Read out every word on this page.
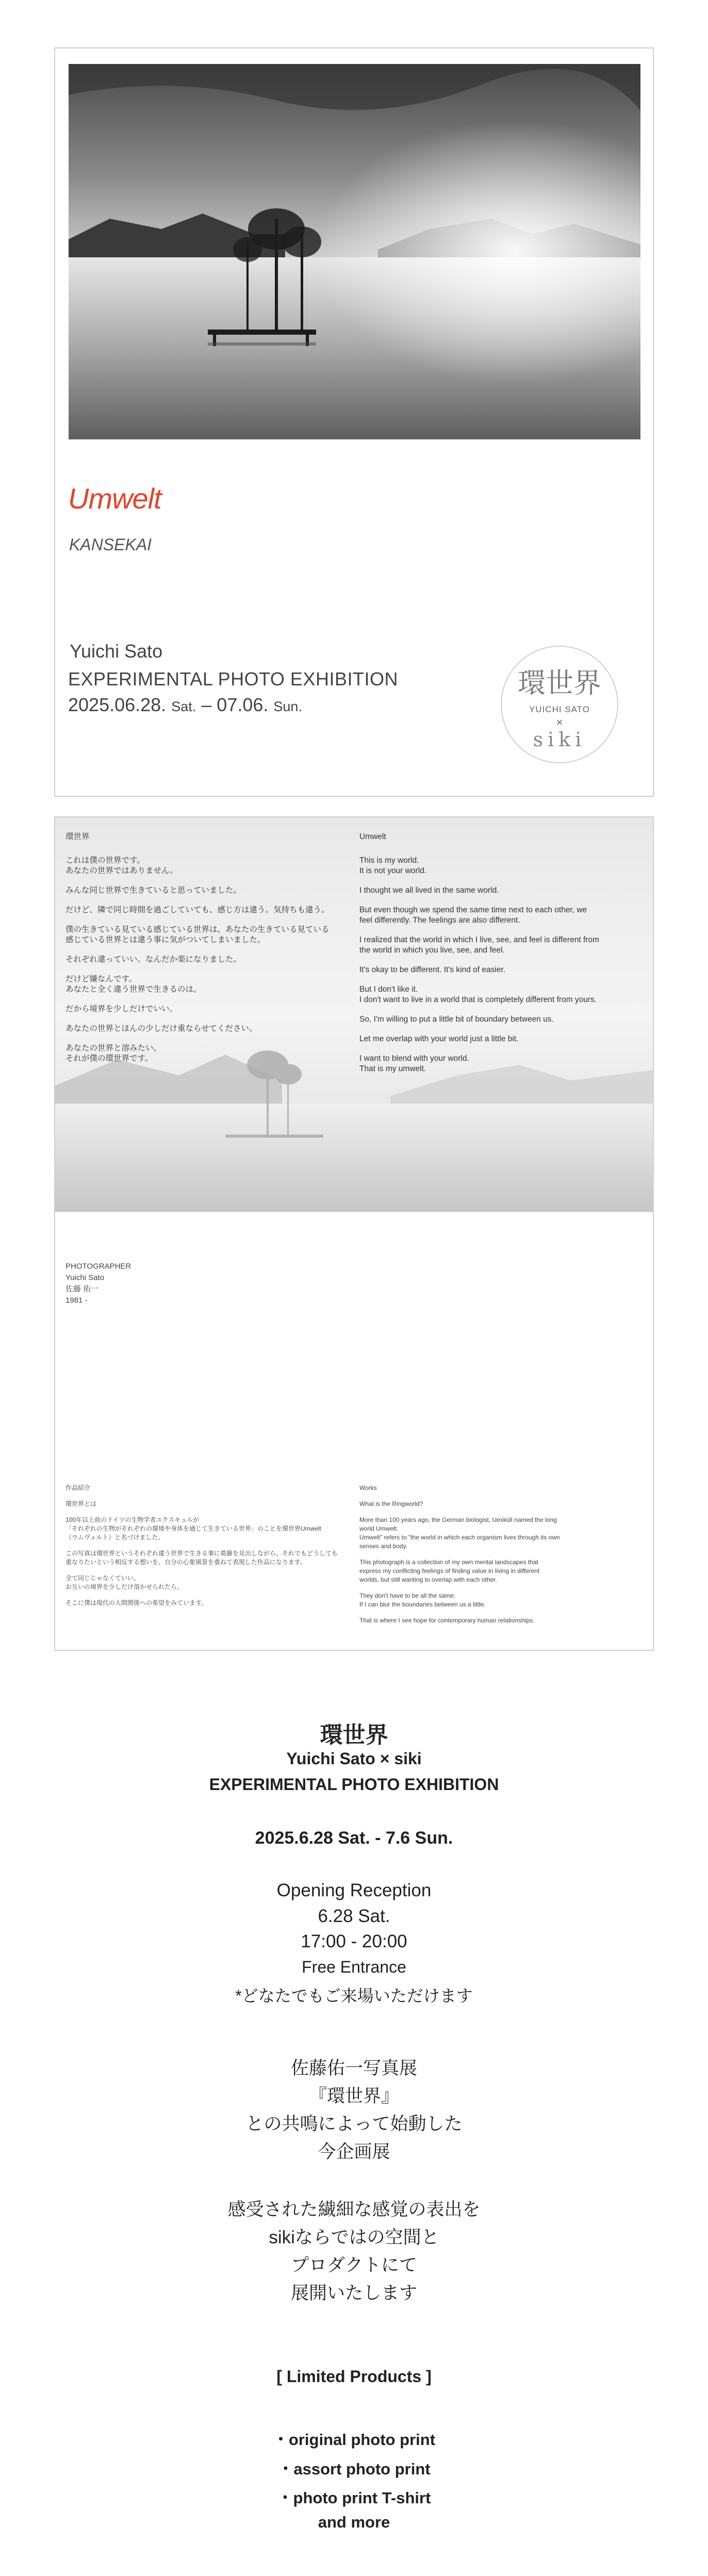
Umwelt
KANSEKAI
Yuichi Sato
EXPERIMENTAL PHOTO EXHIBITION
2025.06.28. Sat. – 07.06. Sun.
環世界
YUICHI SATO
×
siki

環世界

これは僕の世界です。
あなたの世界ではありません。

みんな同じ世界で生きていると思っていました。

だけど、隣で同じ時間を過ごしていても、感じ方は違う。気持ちも違う。

僕の生きている見ている感じている世界は、あなたの生きている見ている
感じている世界とは違う事に気がついてしまいました。

それぞれ違っていい。なんだか楽になりました。

だけど嫌なんです。
あなたと全く違う世界で生きるのは。

だから境界を少しだけでいい。

あなたの世界とほんの少しだけ重ならせてください。

あなたの世界と溶みたい。
それが僕の環世界です。

Umwelt

This is my world.
It is not your world.

I thought we all lived in the same world.

But even though we spend the same time next to each other, we
feel differently. The feelings are also different.

I realized that the world in which I live, see, and feel is different from
the world in which you live, see, and feel.

It's okay to be different. It's kind of easier.

But I don't like it.
I don't want to live in a world that is completely different from yours.

So, I'm willing to put a little bit of boundary between us.

Let me overlap with your world just a little bit.

I want to blend with your world.
That is my umwelt.

PHOTOGRAPHER
Yuichi Sato
佐藤 佑一
1981 -

作品紹介

環世界とは

100年以上前のドイツの生物学者ユクスキュルが
「それぞれの生物がそれぞれの環境や身体を通じて生きている世界」のことを環世界Umwelt
（ウムヴェルト）と名づけました。

この写真は環世界というそれぞれ違う世界で生きる事に葛藤を見出しながら、それでもどうしても
重なりたいという相反する想いを、自分の心象風景を重ねて表現した作品になります。

全て同じじゃなくていい。
お互いの境界を少しだけ溶かせられたら。

そこに僕は現代の人間関係への希望をみています。

Works

What is the Ringworld?

More than 100 years ago, the German biologist, Uexküll named the long
world Umwelt.
Umwelt" refers to "the world in which each organism lives through its own
senses and body.

This photograph is a collection of my own mental landscapes that
express my conflicting feelings of finding value in living in different
worlds, but still wanting to overlap with each other.

They don't have to be all the same.
If I can blur the boundaries between us a little.

That is where I see hope for contemporary human relationships.

環世界
Yuichi Sato × siki
EXPERIMENTAL PHOTO EXHIBITION
2025.6.28 Sat. - 7.6 Sun.
Opening Reception
6.28 Sat.
17:00 - 20:00
Free Entrance
*どなたでもご来場いただけます
佐藤佑一写真展
『環世界』
との共鳴によって始動した
今企画展
感受された繊細な感覚の表出を
sikiならではの空間と
プロダクトにて
展開いたします
[ Limited Products ]
・original photo print
・assort photo print
・photo print T-shirt
and more
